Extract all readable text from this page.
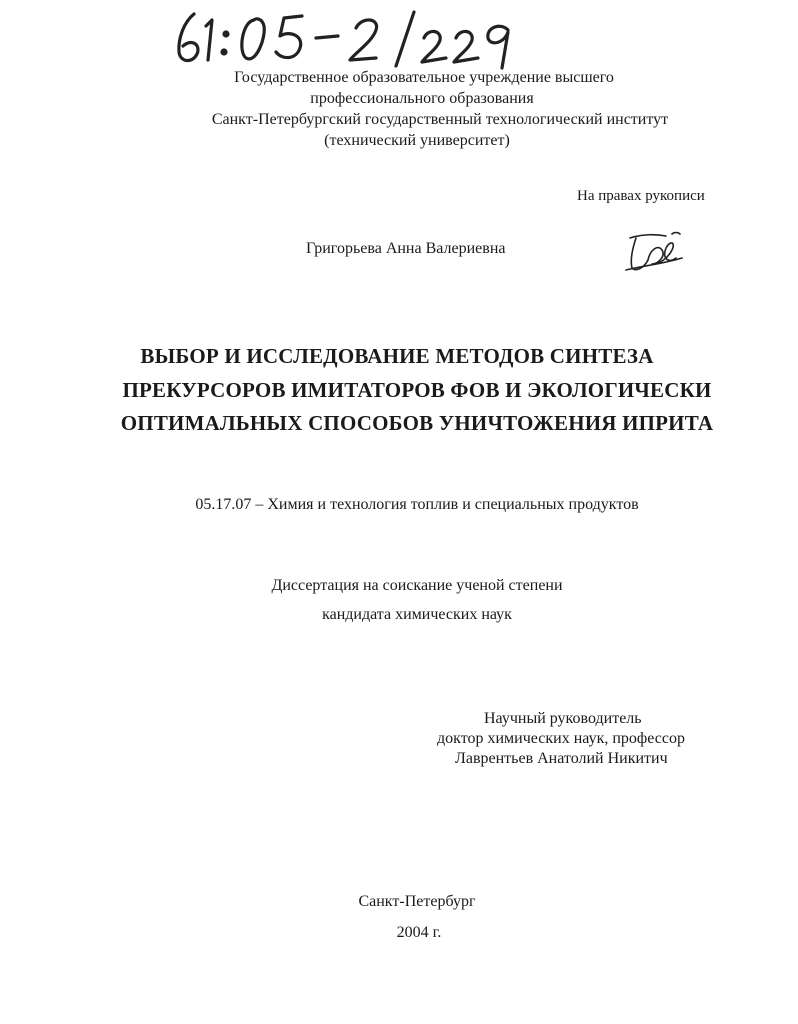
Государственное образовательное учреждение высшего
профессионального образования
Санкт-Петербургский государственный технологический институт
(технический университет)
На правах рукописи
Григорьева Анна Валериевна
ВЫБОР И ИССЛЕДОВАНИЕ МЕТОДОВ СИНТЕЗА
ПРЕКУРСОРОВ ИМИТАТОРОВ ФОВ И ЭКОЛОГИЧЕСКИ
ОПТИМАЛЬНЫХ СПОСОБОВ УНИЧТОЖЕНИЯ ИПРИТА
05.17.07 – Химия и технология топлив и специальных продуктов
Диссертация на соискание ученой степени
кандидата химических наук
Научный руководитель
доктор химических наук, профессор
Лаврентьев Анатолий Никитич
Санкт-Петербург
2004 г.
